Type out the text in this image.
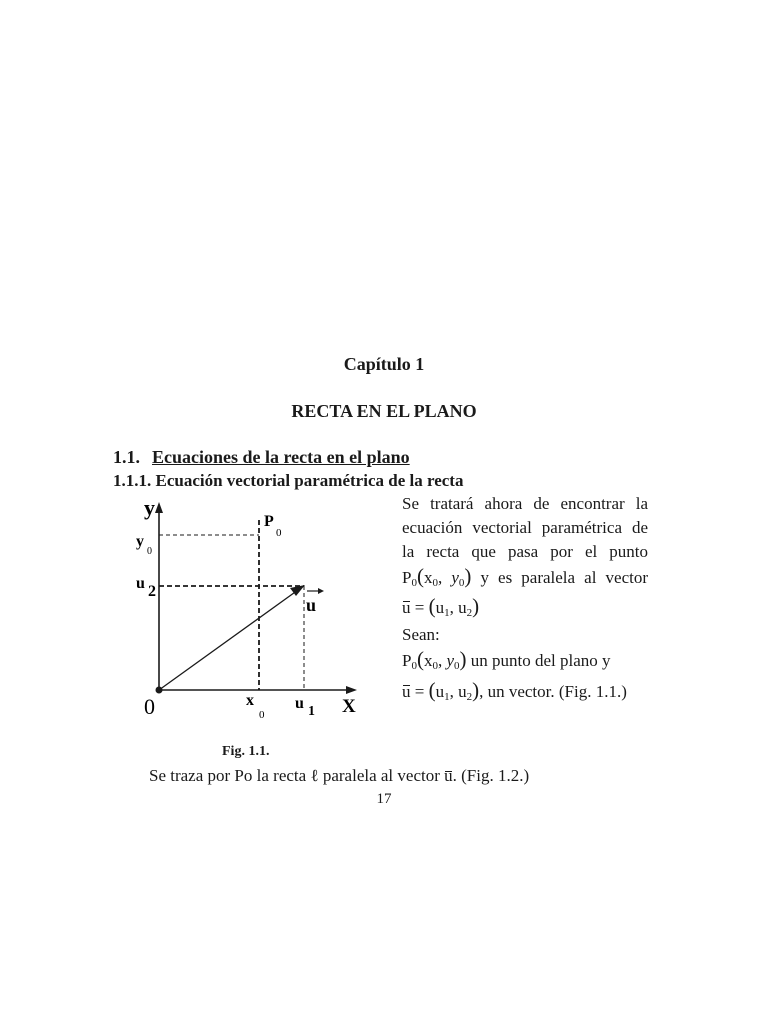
Capítulo 1
RECTA EN EL PLANO
1.1. Ecuaciones de la recta en el plano
1.1.1. Ecuación vectorial paramétrica de la recta
y
y
0
u 2
P
0
u
0	x
0
u 1 X
Se tratará ahora de encontrar la
ecuación vectorial paramétrica de
la recta que pasa por el punto
$P_0(x_0$, $y_0$) y es paralela al vector
$u = (u_1$, $u_2$)
Sean:
$P_0(x_0$, $y_0$) un punto del plano y
$u = (u_1$, $u_2$), un vector. (Fig. 1.1.)
Fig. 1.1.
Se traza por Po la recta ℓ paralela al vector u. (Fig. 1.2.)
17
